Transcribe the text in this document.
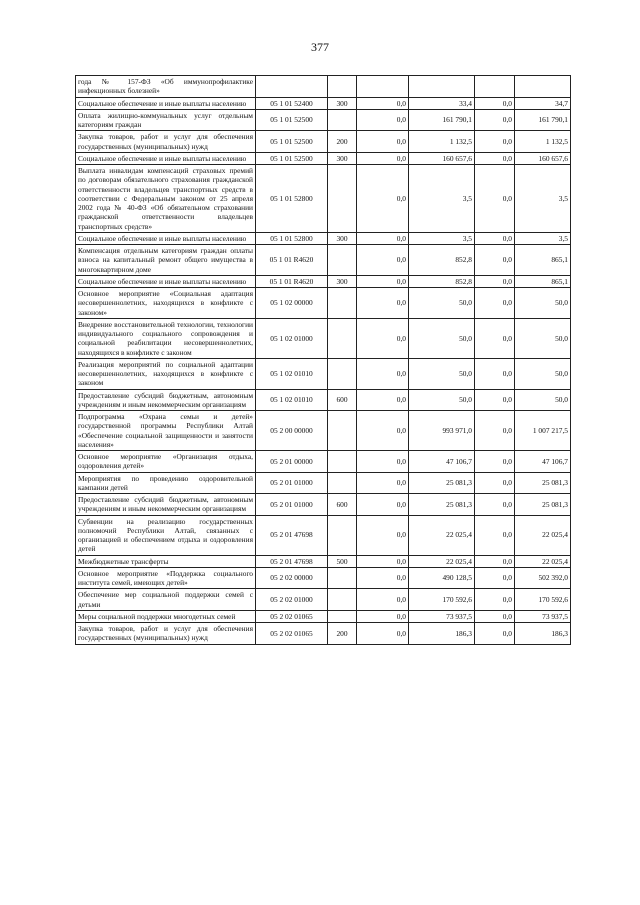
377
года № 157-ФЗ «Об иммунопрофилактике инфекционных болезней»						
Социальное обеспечение и иные выплаты населению	05 1 01 52400	300	0,0	33,4	0,0	34,7
Оплата жилищно-коммунальных услуг отдельным категориям граждан	05 1 01 52500		0,0	161 790,1	0,0	161 790,1
Закупка товаров, работ и услуг для обеспечения государственных (муниципальных) нужд	05 1 01 52500	200	0,0	1 132,5	0,0	1 132,5
Социальное обеспечение и иные выплаты населению	05 1 01 52500	300	0,0	160 657,6	0,0	160 657,6
Выплата инвалидам компенсаций страховых премий по договорам обязательного страхования гражданской ответственности владельцев транспортных средств в соответствии с Федеральным законом от 25 апреля 2002 года № 40-ФЗ «Об обязательном страховании гражданской ответственности владельцев транспортных средств»	05 1 01 52800		0,0	3,5	0,0	3,5
Социальное обеспечение и иные выплаты населению	05 1 01 52800	300	0,0	3,5	0,0	3,5
Компенсация отдельным категориям граждан оплаты взноса на капитальный ремонт общего имущества в многоквартирном доме	05 1 01 R4620		0,0	852,8	0,0	865,1
Социальное обеспечение и иные выплаты населению	05 1 01 R4620	300	0,0	852,8	0,0	865,1
Основное мероприятие «Социальная адаптация несовершеннолетних, находящихся в конфликте с законом»	05 1 02 00000		0,0	50,0	0,0	50,0
Внедрение восстановительной технологии, технологии индивидуального социального сопровождения и социальной реабилитации несовершеннолетних, находящихся в конфликте с законом	05 1 02 01000		0,0	50,0	0,0	50,0
Реализация мероприятий по социальной адаптации несовершеннолетних, находящихся в конфликте с законом	05 1 02 01010		0,0	50,0	0,0	50,0
Предоставление субсидий бюджетным, автономным учреждениям и иным некоммерческим организациям	05 1 02 01010	600	0,0	50,0	0,0	50,0
Подпрограмма «Охрана семьи и детей» государственной программы Республики Алтай «Обеспечение социальной защищенности и занятости населения»	05 2 00 00000		0,0	993 971,0	0,0	1 007 217,5
Основное мероприятие «Организация отдыха, оздоровления детей»	05 2 01 00000		0,0	47 106,7	0,0	47 106,7
Мероприятия по проведению оздоровительной кампании детей	05 2 01 01000		0,0	25 081,3	0,0	25 081,3
Предоставление субсидий бюджетным, автономным учреждениям и иным некоммерческим организациям	05 2 01 01000	600	0,0	25 081,3	0,0	25 081,3
Субвенции на реализацию государственных полномочий Республики Алтай, связанных с организацией и обеспечением отдыха и оздоровления детей	05 2 01 47698		0,0	22 025,4	0,0	22 025,4
Межбюджетные трансферты	05 2 01 47698	500	0,0	22 025,4	0,0	22 025,4
Основное мероприятие «Поддержка социального института семей, имеющих детей»	05 2 02 00000		0,0	490 128,5	0,0	502 392,0
Обеспечение мер социальной поддержки семей с детьми	05 2 02 01000		0,0	170 592,6	0,0	170 592,6
Меры социальной поддержки многодетных семей	05 2 02 01065		0,0	73 937,5	0,0	73 937,5
Закупка товаров, работ и услуг для обеспечения государственных (муниципальных) нужд	05 2 02 01065	200	0,0	186,3	0,0	186,3
